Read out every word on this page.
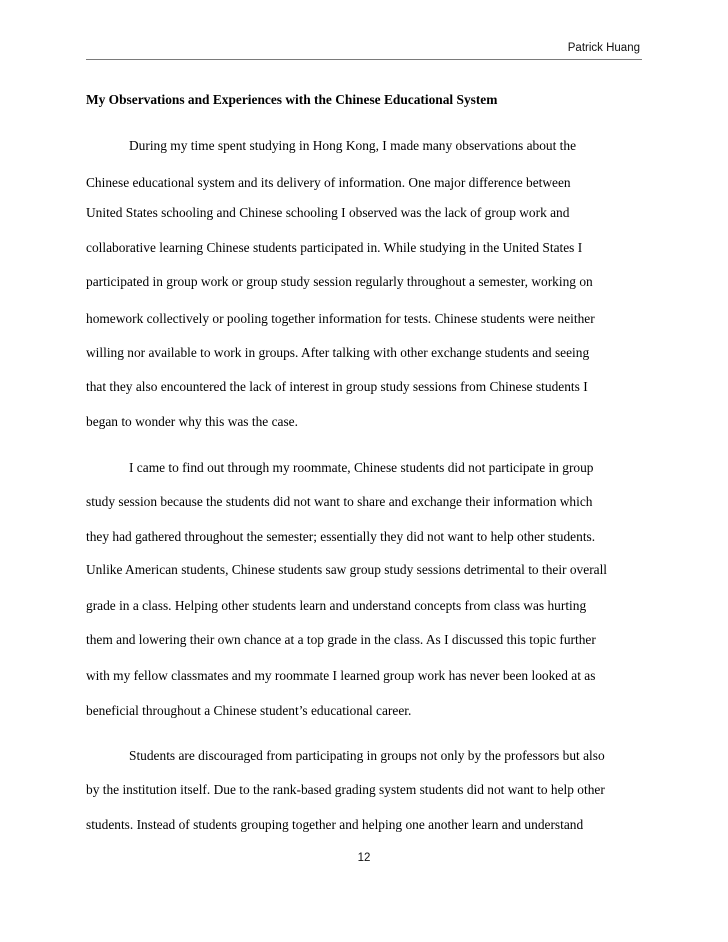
Patrick Huang
My Observations and Experiences with the Chinese Educational System

During my time spent studying in Hong Kong, I made many observations about the

Chinese educational system and its delivery of information. One major difference between

United States schooling and Chinese schooling I observed was the lack of group work and

collaborative learning Chinese students participated in. While studying in the United States I

participated in group work or group study session regularly throughout a semester, working on

homework collectively or pooling together information for tests. Chinese students were neither

willing nor available to work in groups. After talking with other exchange students and seeing

that they also encountered the lack of interest in group study sessions from Chinese students I

began to wonder why this was the case.

I came to find out through my roommate, Chinese students did not participate in group

study session because the students did not want to share and exchange their information which

they had gathered throughout the semester; essentially they did not want to help other students.

Unlike American students, Chinese students saw group study sessions detrimental to their overall

grade in a class. Helping other students learn and understand concepts from class was hurting

them and lowering their own chance at a top grade in the class. As I discussed this topic further

with my fellow classmates and my roommate I learned group work has never been looked at as

beneficial throughout a Chinese student’s educational career.

Students are discouraged from participating in groups not only by the professors but also

by the institution itself. Due to the rank-based grading system students did not want to help other

students. Instead of students grouping together and helping one another learn and understand

12
